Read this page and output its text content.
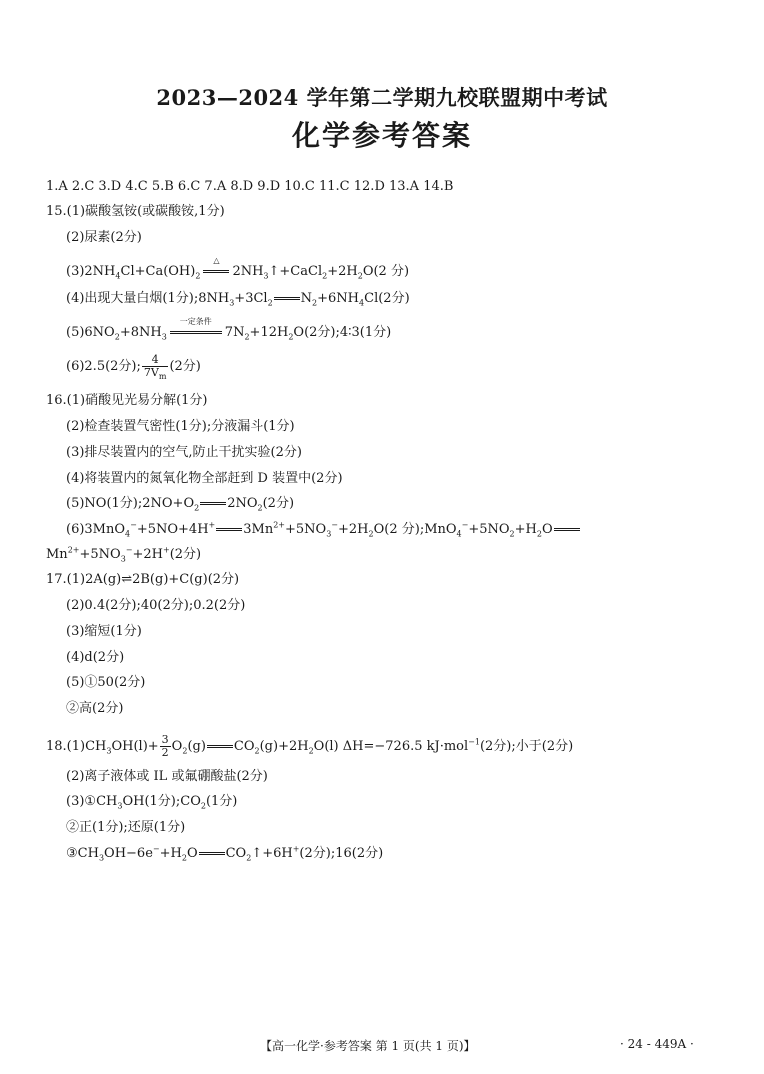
2023—2024 学年第二学期九校联盟期中考试
化学参考答案
1.A 2.C 3.D 4.C 5.B 6.C 7.A 8.D 9.D 10.C 11.C 12.D 13.A 14.B
15.(1)碳酸氢铵(或碳酸铵,1分)
(2)尿素(2分)
$(3)2NH_4Cl+Ca(OH)_2$
△
$2NH_3↑+CaCl_2+2H_2O(2$ 分)
(4)出现大量白烟(1分)$;8NH_3+3Cl_2$ $N_2+6NH_4Cl(2$分)
$(5)6NO_2+8NH_3$
一定条件
$7N_2+12H_2O(2$分);4∶3(1分)
(6)2.5(2分); $\frac{4}{7V_m} (2$分)
16.(1)硝酸见光易分解(1分)
(2)检查装置气密性(1分);分液漏斗(1分)
(3)排尽装置内的空气,防止干扰实验(2分)
(4)将装置内的氮氧化物全部赶到 D 装置中(2分)
(5)NO(1分)$;2NO+O_2$ $2NO_2(2$分)
(6)3MnO$_4$−+5NO+4H+ $3Mn^{2+}+5NO_3^-+2H_2O(2$ 分)$;MnO_4^-+5NO_2+H_2O$
$Mn^{2+}+5NO_3^-+2H^+(2$分)
17.(1)2A(g)⇌2B(g)+C(g)(2分)
(2)0.4(2分);40(2分);0.2(2分)
(3)缩短(1分)
(4)d(2分)
(5)①50(2分)
②高(2分)
$18.(1)CH_3OH(l)+ \frac{3}{2} O_2(g)$ $CO_2(g)+2H_2O(l)$ ΔH=−726.5 kJ·mol$^{-1}$(2分);小于(2分)
(2)离子液体或 IL 或氟硼酸盐(2分)
$(3)①CH_3OH(1$分)$;CO_2(1$分)
②正(1分);还原(1分)
$③CH_3OH-6e^-+H_2O$ $CO_2↑+6H^+(2$分);16(2分)
【高一化学·参考答案 第 1 页(共 1 页)】	· 24 - 449A ·
